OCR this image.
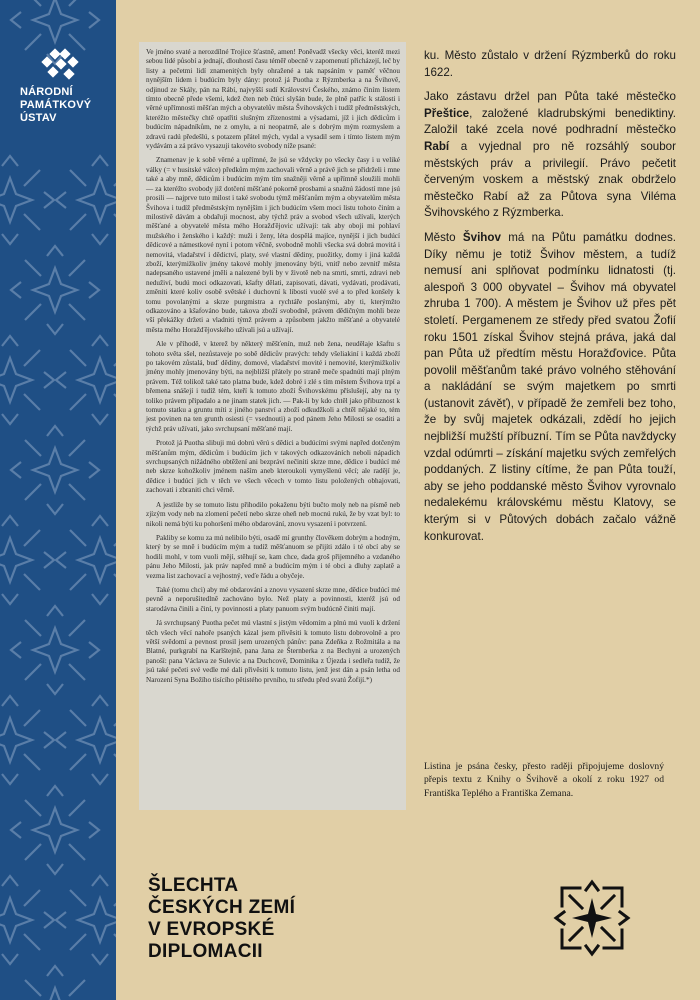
NÁRODNÍ
PAMÁTKOVÝ
ÚSTAV

Ve jméno svaté a nerozdílné Trojice šťastně, amen! Poněvadž všecky věci, kteréž mezi sebou lidé působí a jednají, dlouhostí času téměř obecně v zapomenutí přicházejí, leč by listy a pečetmi lidí znamenitých byly ohražené a tak napsáním v paměť věčnou nynějším lidem i budúcím byly dány: protož já Puotha z Rýzmberka a na Švihově, odjinud ze Skály, pán na Rábí, najvyšší sudí Království Českého, známo činím listem tímto obecně přede všemi, kdež čten neb čtúci slyšán bude, že plně patříc k stálosti i věrné upřímnosti měšťan mých a obyvatelův města Švihovských i tudíž předměstských, kteréžto městečky chtě opatřiti slušným zřízenostmi a výsadami, jíž i jich dědicům i budúcím nápadníkům, ne z omylu, a ni neopatrně, ale s dobrým mým rozmyslem a zdravú radú předešlú, s potazem přátel mých, vydal a vysadil sem i tímto listem mým vydávám a zá právo vysazuji takovéto svobody níže psané:

Znamenav je k sobě věrné a upřímné, že jsú se vždycky po všecky časy i u veliké války (= v husitské válce) předkům mým zachovali věrně a právě jich se přidrželi i mne také a aby mně, dědicům i budúcím mým tím snažněji věrně a upřímně sloužili mohli — za kteréžto svobody již dotčení měšťané pokorně prosbami a snažnú žádostí mne jsú prosili — najprve tuto milost i také svobodu týmž měšťanům mým a obyvatelům města Švihova i tudíž předměstským nynějším i jich budúcím všem moci listu tohoto činím a milostivě dávám a obdařuji mocnost, aby týchž práv a svobod všech užívali, kterých měšťané a obyvatelé města mého Horažďějovic užívají: tak aby oboji mi pohlaví mužského i ženského i každý: muži i ženy, léta dospělá majíce, nynější i jich budúcí dědicové a námestkové nyní i potom věčně, svobodně mohli všecka svá dobrá movitá i nemovitá, vladařství i dědictví, platy, své vlastní dědiny, puožitky, domy i jiná každá zboží, kterýmižkoliv jmény takové mohly jmenovány býti, vnitř nebo zevnitř města nadepsaného ustavené jměli a nalezené byli by v životě neb na smrti, smrti, zdravi neb neduživí, budú moci odkazovati, kšafty dělati, zapisovati, dávati, vydávati, prodávati, změniti které koliv osobě světské i duchovní k libosti vuolé své a to před konšely k tomu povolanými a skrze purgmistra a rychtáře poslanými, aby ti, kterýmžto odkazováno a kšafováno bude, takova zboží svobodně, právem dědičným mohli beze vší překážky držeti a vladniti týmž právem a způsobem jakžto měšťané a obyvatelé města mého Horažďějovského užívali jsú a užívají.

Ale v příhodě, v kterež by některý měšťenín, muž neb žena, neudělaje kšaftu s tohoto světa sšel, nezůstaveje po sobě dědicův pravých: tehdy všeliakiní i každá zboží po takovém zůstalá, buď dědiny, domové, vladařství movité i nemovité, kterýmižkoliv jmény mohly jmenovány býti, na nejbližší přátely po straně meče spadnúti mají plným právem. Též tolikož také tato platna bude, kdež dobré i zlé s tím městem Švihova trpí a břemena snášejí i tudíž tém, kteří k tomuto zboží Švihovskému příslušejí, aby na ty toliko právem připadalo a ne jinam statek jich. — Pak-li by kdo chtěl jako přibuznost k tomuto statku a gruntu míti z jiného panství a zboží odkudžkoli a chtěl nějaké to, tém jest povinen na ten grunth osiesti (= vsednouti) a pod pánem Jeho Milosti se osaditi a týchž práv užívati, jako svrchupsaní měšťané mají.

Protož já Puotha slibuji mú dobrú věrú s dědici a budúcími svými napřed dotčeným měšťanům mým, dědicům i budúcím jich v takových odkazováních neboli nápadích svrchupsaných nižádného obtěžení ani bezpráví nečiniti skrze mne, dědice i budúcí mé neb skrze kohožkoliv jménem naším aneb kteroukoli vymyšlenú věcí; ale radějí je, dědice i budúcí jich v těch ve všech věcech v tomto listu položených obhajovati, zachovati i zbraniti chci věrně.

A jestliže by se tomuto listu přihodilo pokaženu býti bučto moly neb na písmě neb zjízým vody neb na zlomení pečetí nebo skrze oheň neb mocnú rukú, že by vzat byl: to nikoli nemá býti ku pohoršení mého obdarování, znovu vysazení i potvrzení.

Pakliby se komu za mú nelibilo býti, osadě mí grunthy člověkem dobrým a hodným, který by se mně i budúcím mým a tudíž měšťanuom se přijíti zdálo i té obcí aby se hodili mohl, v tom vuoli mějí, stěhují se, kam chce, dada groš přijemného a vzdaného pánu Jeho Milosti, jak práv napřed mně a budúcím mým i té obci a dluhy zaplatě a vezma list zachovací a vejhostný, veďe řádu a obyčeje.

Také (tomu chci) aby mé obdarování a znovu vysazení skrze mne, dědice budúcí mé pevně a neporušitedlně zachováno bylo. Než platy a povinnosti, kteréž jsú od starodávna činili a činí, ty povinnosti a platy panuom svým budúcně činiti mají.

Já svrchupsaný Puotha pečet mú vlastní s jistým vědomím a plnú mú vuolí k držení těch všech věcí nahoře psaných kázal jsem přivěsiti k tomuto listu dobrovolně a pro větší svědomí a pevnost prosil jsem urozených pánův: pana Zdeňka z Rožmitála a na Blatné, purkgrabí na Karlštejně, pana Jana ze Šternberka z na Bechyni a urozených panoší: pana Václava ze Sulevic a na Duchcově, Dominika z Újezda i sedleřa tudíž, že jsú také pečeti své vedle mé dali přivěsiti k tomuto listu, jenž jest dán a psán letha od Narození Syna Božího tisícího pětistého prvního, tu středu před svatú Žofijí.*)

ku. Město zůstalo v držení Rýzmberků do roku 1622.

Jako zástavu držel pan Půta také městečko Přeštice, založené kladrubskými benediktiny. Založil také zcela nové podhradní městečko Rabí a vyjednal pro ně rozsáhlý soubor městských práv a privilegií. Právo pečetit červeným voskem a městský znak obdrželo městečko Rabí až za Půtova syna Viléma Švihovského z Rýzmberka.

Město Švihov má na Půtu památku dodnes. Díky němu je totiž Švihov městem, a tudíž nemusí ani splňovat podmínku lidnatosti (tj. alespoň 3 000 obyvatel – Švihov má obyvatel zhruba 1 700). A městem je Švihov už přes pět století. Pergamenem ze středy před svatou Žofií roku 1501 získal Švihov stejná práva, jaká dal pan Půta už předtím městu Horažďovice. Půta povolil měšťanům také právo volného stěhování a nakládání se svým majetkem po smrti (ustanovit závěť), v případě že zemřeli bez toho, že by svůj majetek odkázali, zdědí ho jejich nejbližší mužští příbuzní. Tím se Půta navždycky vzdal odúmrti – získání majetku svých zemřelých poddaných. Z listiny cítíme, že pan Půta touží, aby se jeho poddanské město Švihov vyrovnalo nedalekému královskému městu Klatovy, se kterým si v Půtových dobách začalo vážně konkurovat.

Listina je psána česky, přesto raději připojujeme doslovný přepis textu z Knihy o Švihově a okolí z roku 1927 od Františka Teplého a Františka Zemana.
ŠLECHTA
ČESKÝCH ZEMÍ
V EVROPSKÉ
DIPLOMACII
